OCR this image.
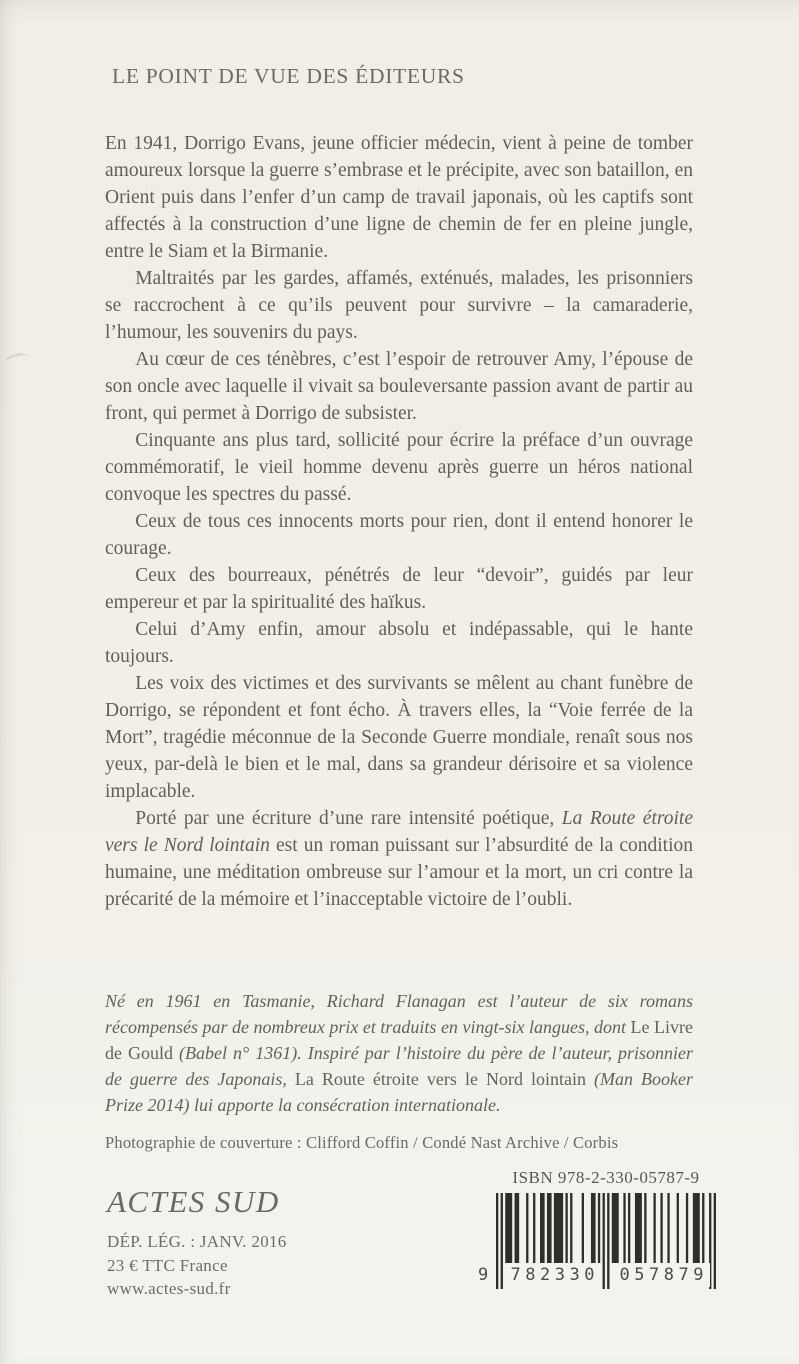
LE POINT DE VUE DES ÉDITEURS

En 1941, Dorrigo Evans, jeune officier médecin, vient à peine de tomber amoureux lorsque la guerre s’embrase et le précipite, avec son bataillon, en Orient puis dans l’enfer d’un camp de travail japonais, où les captifs sont affectés à la construction d’une ligne de chemin de fer en pleine jungle, entre le Siam et la Birmanie.

Maltraités par les gardes, affamés, exténués, malades, les prisonniers se raccrochent à ce qu’ils peuvent pour survivre – la camaraderie, l’humour, les souvenirs du pays.

Au cœur de ces ténèbres, c’est l’espoir de retrouver Amy, l’épouse de son oncle avec laquelle il vivait sa bouleversante passion avant de partir au front, qui permet à Dorrigo de subsister.

Cinquante ans plus tard, sollicité pour écrire la préface d’un ouvrage commémoratif, le vieil homme devenu après guerre un héros national convoque les spectres du passé.

Ceux de tous ces innocents morts pour rien, dont il entend honorer le courage.

Ceux des bourreaux, pénétrés de leur “devoir”, guidés par leur empereur et par la spiritualité des haïkus.

Celui d’Amy enfin, amour absolu et indépassable, qui le hante toujours.

Les voix des victimes et des survivants se mêlent au chant funèbre de Dorrigo, se répondent et font écho. À travers elles, la “Voie ferrée de la Mort”, tragédie méconnue de la Seconde Guerre mondiale, renaît sous nos yeux, par-delà le bien et le mal, dans sa grandeur dérisoire et sa violence implacable.

Porté par une écriture d’une rare intensité poétique, La Route étroite vers le Nord lointain est un roman puissant sur l’absurdité de la condition humaine, une méditation ombreuse sur l’amour et la mort, un cri contre la précarité de la mémoire et l’inacceptable victoire de l’oubli.

Né en 1961 en Tasmanie, Richard Flanagan est l’auteur de six romans récompensés par de nombreux prix et traduits en vingt-six langues, dont Le Livre de Gould (Babel n° 1361). Inspiré par l’histoire du père de l’auteur, prisonnier de guerre des Japonais, La Route étroite vers le Nord lointain (Man Booker Prize 2014) lui apporte la consécration internationale.
Photographie de couverture : Clifford Coffin / Condé Nast Archive / Corbis
ACTES SUD
DÉP. LÉG. : JANV. 2016
23 € TTC France
www.actes-sud.fr
ISBN 978-2-330-05787-9
9	782330	057879
